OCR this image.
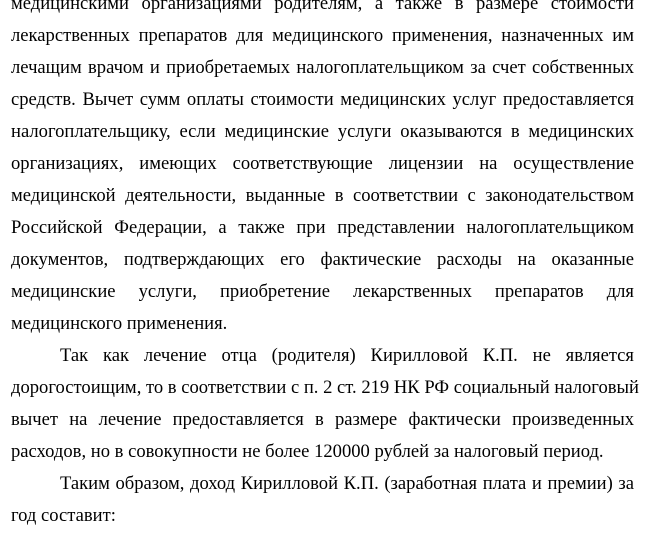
медицинскими организациями родителям, а также в размере стоимости
лекарственных препаратов для медицинского применения, назначенных им
лечащим врачом и приобретаемых налогоплательщиком за счет собственных
средств. Вычет сумм оплаты стоимости медицинских услуг предоставляется
налогоплательщику, если медицинские услуги оказываются в медицинских
организациях, имеющих соответствующие лицензии на осуществление
медицинской деятельности, выданные в соответствии с законодательством
Российской Федерации, а также при представлении налогоплательщиком
документов, подтверждающих его фактические расходы на оказанные
медицинские услуги, приобретение лекарственных препаратов для
медицинского применения.
Так как лечение отца (родителя) Кирилловой К.П. не является
дорогостоищим, то в соответствии с п. 2 ст. 219 НК РФ социальный налоговый
вычет на лечение предоставляется в размере фактически произведенных
расходов, но в совокупности не более 120000 рублей за налоговый период.
Таким образом, доход Кирилловой К.П. (заработная плата и премии) за
год составит:
